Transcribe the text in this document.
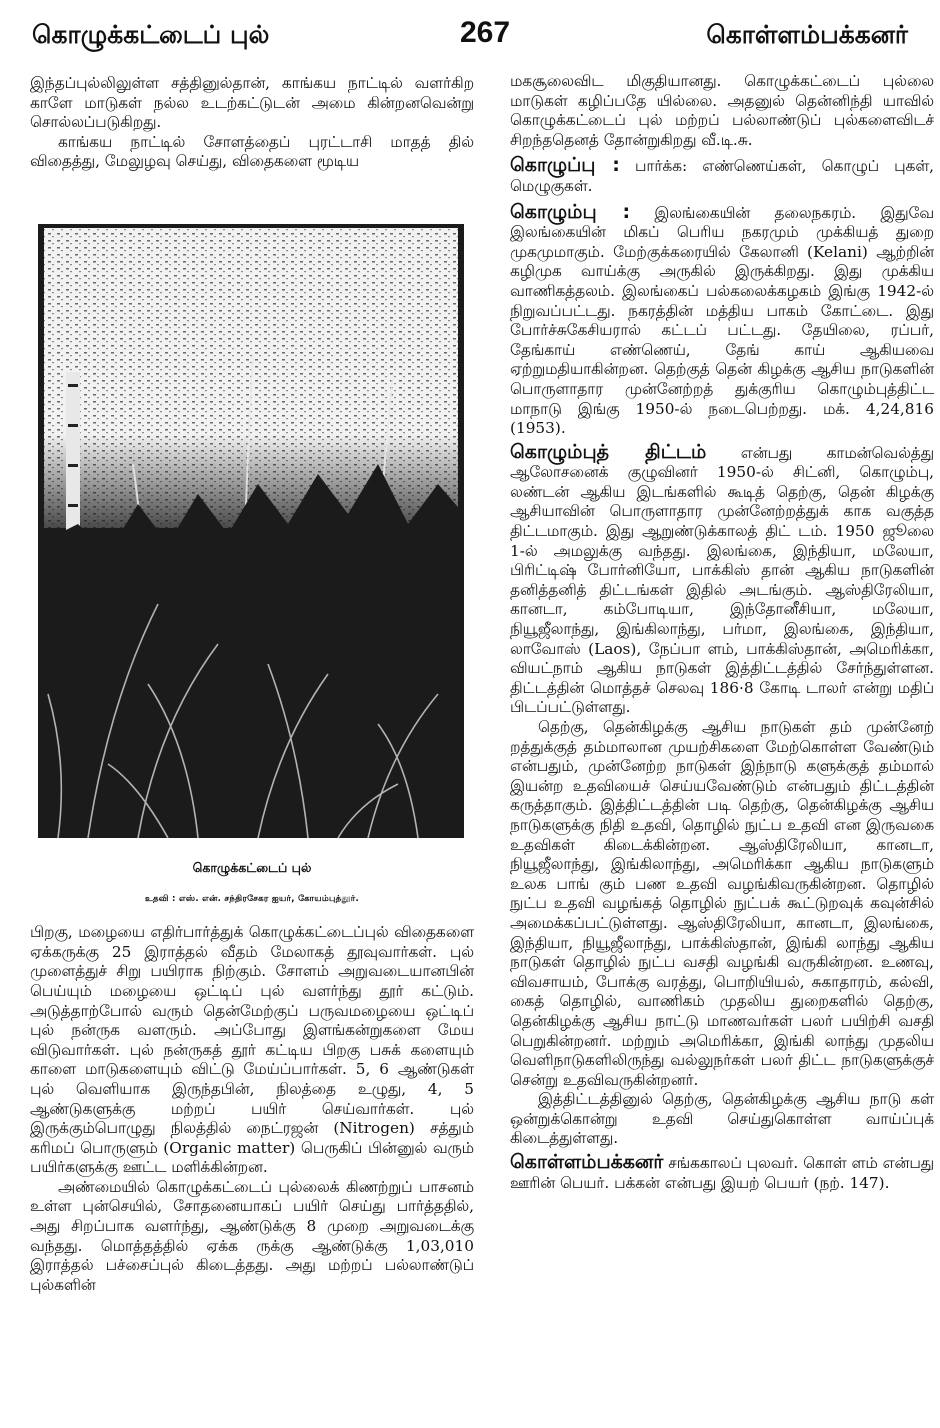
கொழுக்கட்டைப் புல்	267	கொள்ளம்பக்கனர்

இந்தப்புல்லிலுள்ள சத்தினுல்தான், காங்கய நாட்டில் வளர்கிற காளே மாடுகள் நல்ல உடற்கட்டுடன் அமை கின்றனவென்று சொல்லப்படுகிறது.

காங்கய நாட்டில் சோளத்தைப் புரட்டாசி மாதத் தில் விதைத்து, மேலுழவு செய்து, விதைகளை மூடிய

கொழுக்கட்டைப் புல்
உதவி : எஸ். என். சந்திரசேகர ஐயர், கோயம்புத்தூர்.

பிறகு, மழையை எதிர்பார்த்துக் கொழுக்கட்டைப்புல் விதைகளை ஏக்கருக்கு 25 இராத்தல் வீதம் மேலாகத் தூவுவார்கள். புல் முளைத்துச் சிறு பயிராக நிற்கும். சோளம் அறுவடையானபின் பெய்யும் மழையை ஒட்டிப் புல் வளர்ந்து தூர் கட்டும். அடுத்தாற்போல் வரும் தென்மேற்குப் பருவமழையை ஒட்டிப் புல் நன்ருக வளரும். அப்போது இளங்கன்றுகளை மேய விடுவார்கள். புல் நன்ருகத் தூர் கட்டிய பிறகு பசுக் களையும் காளை மாடுகளையும் விட்டு மேய்ப்பார்கள். 5, 6 ஆண்டுகள் புல் வெளியாக இருந்தபின், நிலத்தை உழுது, 4, 5 ஆண்டுகளுக்கு மற்றப் பயிர் செய்வார்கள். புல் இருக்கும்பொழுது நிலத்தில் நைட்ரஜன் (Nitrogen) சத்தும் கரிமப் பொருளும் (Organic matter) பெருகிப் பின்னுல் வரும் பயிர்களுக்கு ஊட்ட மளிக்கின்றன.

அண்மையில் கொழுக்கட்டைப் புல்லைக் கிணற்றுப் பாசனம் உள்ள புன்செயில், சோதனையாகப் பயிர் செய்து பார்த்ததில், அது சிறப்பாக வளர்ந்து, ஆண்டுக்கு 8 முறை அறுவடைக்கு வந்தது. மொத்தத்தில் ஏக்க ருக்கு ஆண்டுக்கு 1,03,010 இராத்தல் பச்சைப்புல் கிடைத்தது. அது மற்றப் பல்லாண்டுப் புல்களின்

மகசூலைவிட மிகுதியானது. கொழுக்கட்டைப் புல்லை மாடுகள் கழிப்பதே யில்லை. அதனுல் தென்னிந்தி யாவில் கொழுக்கட்டைப் புல் மற்றப் பல்லாண்டுப் புல்களைவிடச் சிறந்ததெனத் தோன்றுகிறது வீ.டி.சு.

கொழுப்பு : பார்க்க: எண்ணெய்கள், கொழுப் புகள், மெழுகுகள்.

கொழும்பு : இலங்கையின் தலைநகரம். இதுவே இலங்கையின் மிகப் பெரிய நகரமும் முக்கியத் துறை முகமுமாகும். மேற்குக்கரையில் கேலானி (Kelani) ஆற்றின் கழிமுக வாய்க்கு அருகில் இருக்கிறது. இது முக்கிய வாணிகத்தலம். இலங்கைப் பல்கலைக்கழகம் இங்கு 1942-ல் நிறுவப்பட்டது. நகரத்தின் மத்திய பாகம் கோட்டை. இது போர்ச்சுகேசியரால் கட்டப் பட்டது. தேயிலை, ரப்பர், தேங்காய் எண்ணெய், தேங் காய் ஆகியவை ஏற்றுமதியாகின்றன. தெற்குத் தென் கிழக்கு ஆசிய நாடுகளின் பொருளாதார முன்னேற்றத் துக்குரிய கொழும்புத்திட்ட மாநாடு இங்கு 1950-ல் நடைபெற்றது. மக். 4,24,816 (1953).

கொழும்புத் திட்டம் என்பது காமன்வெல்த்து ஆலோசனைக் குழுவினர் 1950-ல் சிட்னி, கொழும்பு, லண்டன் ஆகிய இடங்களில் கூடித் தெற்கு, தென் கிழக்கு ஆசியாவின் பொருளாதார முன்னேற்றத்துக் காக வகுத்த திட்டமாகும். இது ஆறுண்டுக்காலத் திட் டம். 1950 ஜூலை 1-ல் அமலுக்கு வந்தது. இலங்கை, இந்தியா, மலேயா, பிரிட்டிஷ் போர்னியோ, பாக்கிஸ் தான் ஆகிய நாடுகளின் தனித்தனித் திட்டங்கள் இதில் அடங்கும். ஆஸ்திரேலியா, கானடா, கம்போடியா, இந்தோனீசியா, மலேயா, நியூஜீலாந்து, இங்கிலாந்து, பர்மா, இலங்கை, இந்தியா, லாவோஸ் (Laos), நேப்பா ளம், பாக்கிஸ்தான், அமெரிக்கா, வியட்நாம் ஆகிய நாடுகள் இத்திட்டத்தில் சேர்ந்துள்ளன. திட்டத்தின் மொத்தச் செலவு 186·8 கோடி டாலர் என்று மதிப் பிடப்பட்டுள்ளது.

தெற்கு, தென்கிழக்கு ஆசிய நாடுகள் தம் முன்னேற் றத்துக்குத் தம்மாலான முயற்சிகளை மேற்கொள்ள வேண்டும் என்பதும், முன்னேற்ற நாடுகள் இந்நாடு களுக்குத் தம்மால் இயன்ற உதவியைச் செய்யவேண்டும் என்பதும் திட்டத்தின் கருத்தாகும். இத்திட்டத்தின் படி தெற்கு, தென்கிழக்கு ஆசிய நாடுகளுக்கு நிதி உதவி, தொழில் நுட்ப உதவி என இருவகை உதவிகள் கிடைக்கின்றன. ஆஸ்திரேலியா, கானடா, நியூஜீலாந்து, இங்கிலாந்து, அமெரிக்கா ஆகிய நாடுகளும் உலக பாங் கும் பண உதவி வழங்கிவருகின்றன. தொழில் நுட்ப உதவி வழங்கத் தொழில் நுட்பக் கூட்டுறவுக் கவுன்சில் அமைக்கப்பட்டுள்ளது. ஆஸ்திரேலியா, கானடா, இலங்கை, இந்தியா, நியூஜீலாந்து, பாக்கிஸ்தான், இங்கி லாந்து ஆகிய நாடுகள் தொழில் நுட்ப வசதி வழங்கி வருகின்றன. உணவு, விவசாயம், போக்கு வரத்து, பொறியியல், சுகாதாரம், கல்வி, கைத் தொழில், வாணிகம் முதலிய துறைகளில் தெற்கு, தென்கிழக்கு ஆசிய நாட்டு மாணவர்கள் பலர் பயிற்சி வசதி பெறுகின்றனர். மற்றும் அமெரிக்கா, இங்கி லாந்து முதலிய வெளிநாடுகளிலிருந்து வல்லுநர்கள் பலர் திட்ட நாடுகளுக்குச் சென்று உதவிவருகின்றனர்.

இத்திட்டத்தினுல் தெற்கு, தென்கிழக்கு ஆசிய நாடு கள் ஒன்றுக்கொன்று உதவி செய்துகொள்ள வாய்ப்புக் கிடைத்துள்ளது.

கொள்ளம்பக்கனர் சங்ககாலப் புலவர். கொள் ளம் என்பது ஊரின் பெயர். பக்கன் என்பது இயற் பெயர் (நற். 147).
